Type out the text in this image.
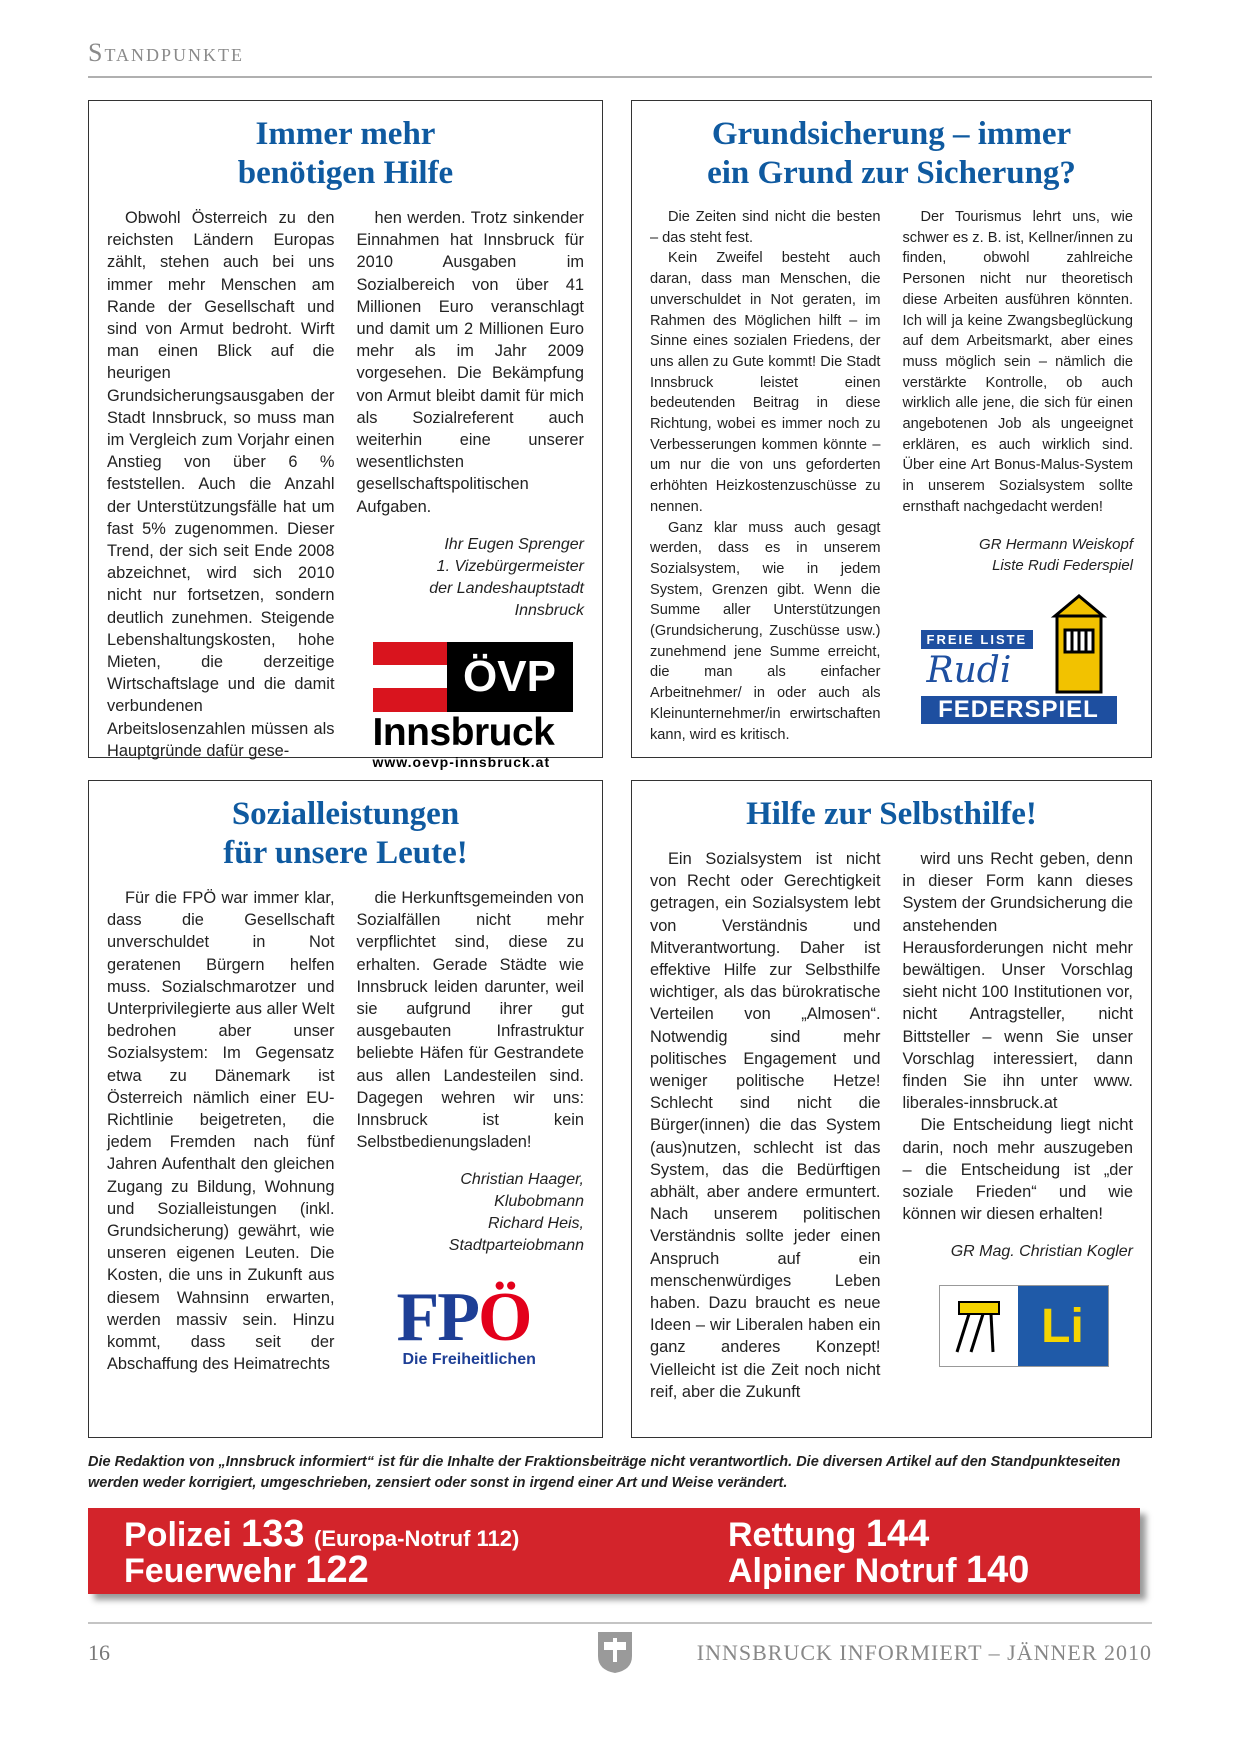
Standpunkte
Immer mehr
benötigen Hilfe

Obwohl Österreich zu den reichsten Ländern Europas zählt, stehen auch bei uns immer mehr Menschen am Rande der Gesellschaft und sind von Armut bedroht. Wirft man einen Blick auf die heurigen Grundsicherungsausgaben der Stadt Innsbruck, so muss man im Vergleich zum Vorjahr einen Anstieg von über 6 % feststellen. Auch die Anzahl der Unterstützungsfälle hat um fast 5% zugenommen. Dieser Trend, der sich seit Ende 2008 abzeichnet, wird sich 2010 nicht nur fortsetzen, sondern deutlich zunehmen. Steigende Lebenshaltungskosten, hohe Mieten, die derzeitige Wirtschaftslage und die damit verbundenen Arbeitslosenzahlen müssen als Hauptgründe dafür gese-

hen werden. Trotz sinkender Einnahmen hat Innsbruck für 2010 Ausgaben im Sozialbereich von über 41 Millionen Euro veranschlagt und damit um 2 Millionen Euro mehr als im Jahr 2009 vorgesehen. Die Bekämpfung von Armut bleibt damit für mich als Sozialreferent auch weiterhin eine unserer wesentlichsten gesellschaftspolitischen Aufgaben.

Ihr Eugen Sprenger
1. Vizebürgermeister
der Landeshauptstadt
Innsbruck
ÖVP
Innsbruck
www.oevp-innsbruck.at
Grundsicherung – immer
ein Grund zur Sicherung?

Die Zeiten sind nicht die besten – das steht fest.

Kein Zweifel besteht auch daran, dass man Menschen, die unverschuldet in Not geraten, im Rahmen des Möglichen hilft – im Sinne eines sozialen Friedens, der uns allen zu Gute kommt! Die Stadt Innsbruck leistet einen bedeutenden Beitrag in diese Richtung, wobei es immer noch zu Verbesserungen kommen könnte – um nur die von uns geforderten erhöhten Heizkostenzuschüsse zu nennen.

Ganz klar muss auch gesagt werden, dass es in unserem Sozialsystem, wie in jedem System, Grenzen gibt. Wenn die Summe aller Unterstützungen (Grundsicherung, Zuschüsse usw.) zunehmend jene Summe erreicht, die man als einfacher Arbeitnehmer/ in oder auch als Kleinunternehmer/in erwirtschaften kann, wird es kritisch.

Der Tourismus lehrt uns, wie schwer es z. B. ist, Kellner/innen zu finden, obwohl zahlreiche Personen nicht nur theoretisch diese Arbeiten ausführen könnten. Ich will ja keine Zwangsbeglückung auf dem Arbeitsmarkt, aber eines muss möglich sein – nämlich die verstärkte Kontrolle, ob auch wirklich alle jene, die sich für einen angebotenen Job als ungeeignet erklären, es auch wirklich sind. Über eine Art Bonus-Malus-System in unserem Sozialsystem sollte ernsthaft nachgedacht werden!

GR Hermann Weiskopf
Liste Rudi Federspiel
FREIE LISTE
Rudi
FEDERSPIEL
Sozialleistungen
für unsere Leute!

Für die FPÖ war immer klar, dass die Gesellschaft unverschuldet in Not geratenen Bürgern helfen muss. Sozialschmarotzer und Unterprivilegierte aus aller Welt bedrohen aber unser Sozialsystem: Im Gegensatz etwa zu Dänemark ist Österreich nämlich einer EU-Richtlinie beigetreten, die jedem Fremden nach fünf Jahren Aufenthalt den gleichen Zugang zu Bildung, Wohnung und Sozialleistungen (inkl. Grundsicherung) gewährt, wie unseren eigenen Leuten. Die Kosten, die uns in Zukunft aus diesem Wahnsinn erwarten, werden massiv sein. Hinzu kommt, dass seit der Abschaffung des Heimatrechts

die Herkunftsgemeinden von Sozialfällen nicht mehr verpflichtet sind, diese zu erhalten. Gerade Städte wie Innsbruck leiden darunter, weil sie aufgrund ihrer gut ausgebauten Infrastruktur beliebte Häfen für Gestrandete aus allen Landesteilen sind. Dagegen wehren wir uns: Innsbruck ist kein Selbstbedienungsladen!

Christian Haager,
Klubobmann
Richard Heis,
Stadtparteiobmann
FPÖ
Die Freiheitlichen
Hilfe zur Selbsthilfe!

Ein Sozialsystem ist nicht von Recht oder Gerechtigkeit getragen, ein Sozialsystem lebt von Verständnis und Mitverantwortung. Daher ist effektive Hilfe zur Selbsthilfe wichtiger, als das bürokratische Verteilen von „Almosen“. Notwendig sind mehr politisches Engagement und weniger politische Hetze! Schlecht sind nicht die Bürger(innen) die das System (aus)nutzen, schlecht ist das System, das die Bedürftigen abhält, aber andere ermuntert. Nach unserem politischen Verständnis sollte jeder einen Anspruch auf ein menschenwürdiges Leben haben. Dazu braucht es neue Ideen – wir Liberalen haben ein ganz anderes Konzept! Vielleicht ist die Zeit noch nicht reif, aber die Zukunft

wird uns Recht geben, denn in dieser Form kann dieses System der Grundsicherung die anstehenden Herausforderungen nicht mehr bewältigen. Unser Vorschlag sieht nicht 100 Institutionen vor, nicht Antragsteller, nicht Bittsteller – wenn Sie unser Vorschlag interessiert, dann finden Sie ihn unter www. liberales-innsbruck.at

Die Entscheidung liegt nicht darin, noch mehr auszugeben – die Entscheidung ist „der soziale Frieden“ und wie können wir diesen erhalten!

GR Mag. Christian Kogler
Li
Die Redaktion von „Innsbruck informiert“ ist für die Inhalte der Fraktionsbeiträge nicht verantwortlich. Die diversen Artikel auf den Standpunkteseiten werden weder korrigiert, umgeschrieben, zensiert oder sonst in irgend einer Art und Weise verändert.
Polizei 133 (Europa-Notruf 112)
Feuerwehr 122
Rettung 144
Alpiner Notruf 140
16	INNSBRUCK INFORMIERT – JÄNNER 2010
